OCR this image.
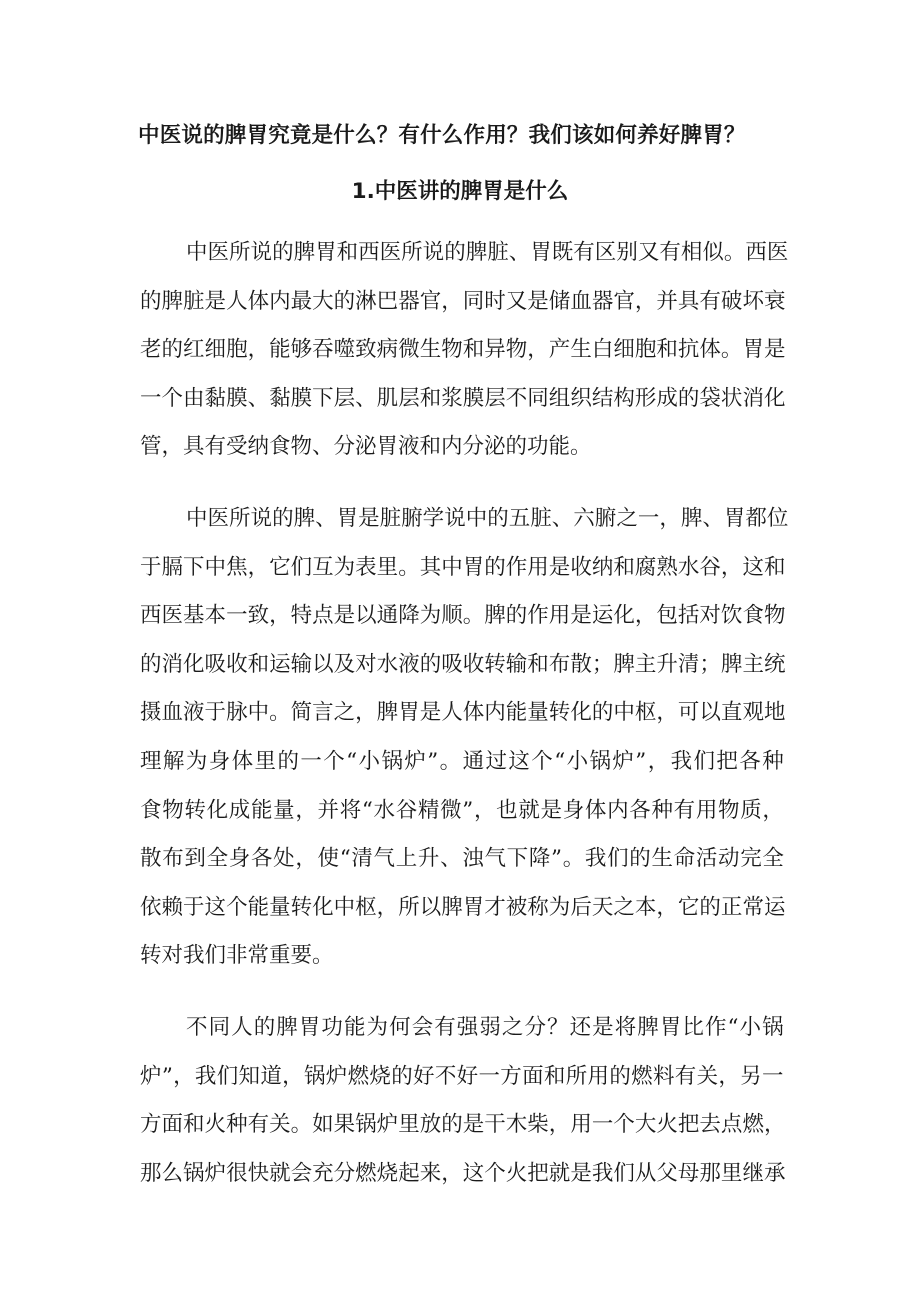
中医说的脾胃究竟是什么？有什么作用？我们该如何养好脾胃？
1.中医讲的脾胃是什么
中 医 所 说 的 脾 胃 和 西 医 所 说 的 脾 脏 、 胃 既 有 区 别 又 有 相 似 。 西 医
的 脾 脏 是 人 体 内 最 大 的 淋 巴 器 官 ， 同 时 又 是 储 血 器 官 ， 并 具 有 破 坏 衰
老 的 红 细 胞 ， 能 够 吞 噬 致 病 微 生 物 和 异 物 ， 产 生 白 细 胞 和 抗 体 。 胃 是
一 个 由 黏 膜 、 黏 膜 下 层 、 肌 层 和 浆 膜 层 不 同 组 织 结 构 形 成 的 袋 状 消 化
管，具有受纳食物、分泌胃液和内分泌的功能。
中 医 所 说 的 脾 、 胃 是 脏 腑 学 说 中 的 五 脏 、 六 腑 之 一 ， 脾 、 胃 都 位
于 膈 下 中 焦 ， 它 们 互 为 表 里 。 其 中 胃 的 作 用 是 收 纳 和 腐 熟 水 谷 ， 这 和
西 医 基 本 一 致 ， 特 点 是 以 通 降 为 顺 。 脾 的 作 用 是 运 化 ， 包 括 对 饮 食 物
的 消 化 吸 收 和 运 输 以 及 对 水 液 的 吸 收 转 输 和 布 散 ； 脾 主 升 清 ； 脾 主 统
摄 血 液 于 脉 中 。 简 言 之 ， 脾 胃 是 人 体 内 能 量 转 化 的 中 枢 ， 可 以 直 观 地
理 解 为 身 体 里 的 一 个 “ 小 锅 炉 ” 。 通 过 这 个 “ 小 锅 炉 ” ， 我 们 把 各 种
食 物 转 化 成 能 量 ， 并 将 “ 水 谷 精 微 ” ， 也 就 是 身 体 内 各 种 有 用 物 质 ，
散 布 到 全 身 各 处 ， 使 “ 清 气 上 升 、 浊 气 下 降 ” 。 我 们 的 生 命 活 动 完 全
依 赖 于 这 个 能 量 转 化 中 枢 ， 所 以 脾 胃 才 被 称 为 后 天 之 本 ， 它 的 正 常 运
转对我们非常重要。
不 同 人 的 脾 胃 功 能 为 何 会 有 强 弱 之 分 ？ 还 是 将 脾 胃 比 作 “ 小 锅
炉 ” ， 我 们 知 道 ， 锅 炉 燃 烧 的 好 不 好 一 方 面 和 所 用 的 燃 料 有 关 ， 另 一
方 面 和 火 种 有 关 。 如 果 锅 炉 里 放 的 是 干 木 柴 ， 用 一 个 大 火 把 去 点 燃 ，
那 么 锅 炉 很 快 就 会 充 分 燃 烧 起 来 ， 这 个 火 把 就 是 我 们 从 父 母 那 里 继 承
